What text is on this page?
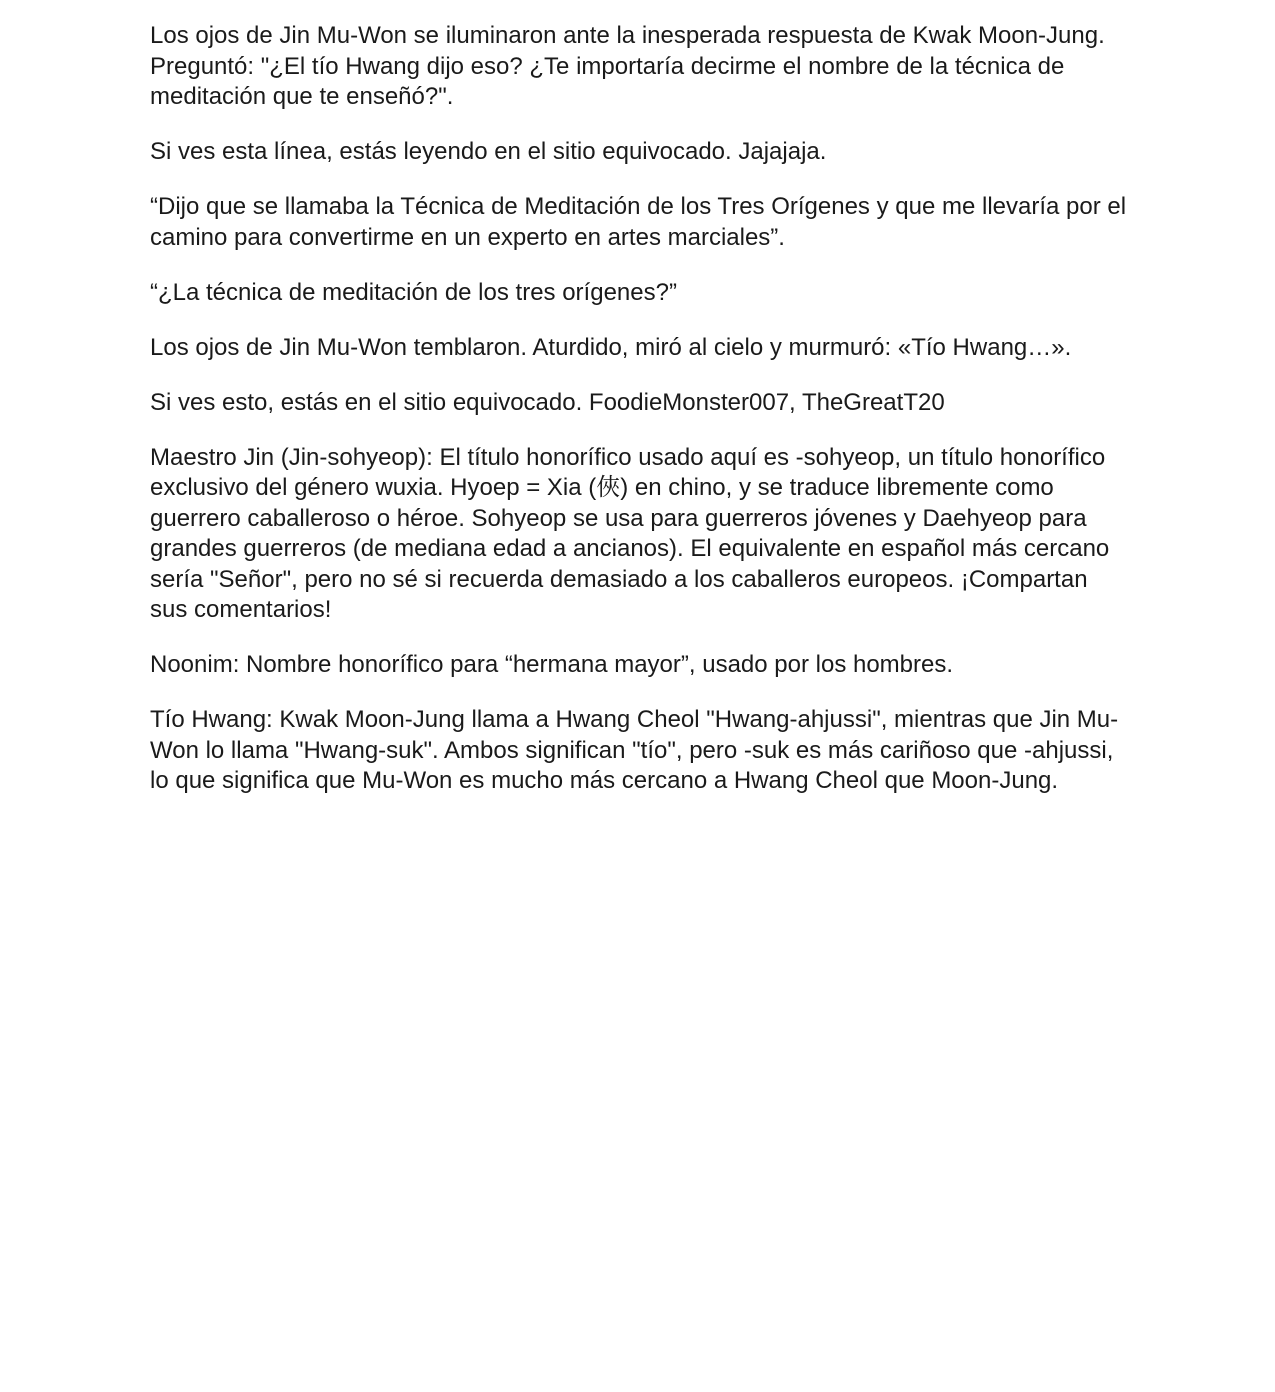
Los ojos de Jin Mu-Won se iluminaron ante la inesperada respuesta de Kwak Moon-Jung. Preguntó: "¿El tío Hwang dijo eso? ¿Te importaría decirme el nombre de la técnica de meditación que te enseñó?".

Si ves esta línea, estás leyendo en el sitio equivocado. Jajajaja.

“Dijo que se llamaba la Técnica de Meditación de los Tres Orígenes y que me llevaría por el camino para convertirme en un experto en artes marciales”.

“¿La técnica de meditación de los tres orígenes?”

Los ojos de Jin Mu-Won temblaron. Aturdido, miró al cielo y murmuró: «Tío Hwang…».

Si ves esto, estás en el sitio equivocado. FoodieMonster007, TheGreatT20

Maestro Jin (Jin-sohyeop): El título honorífico usado aquí es -sohyeop, un título honorífico exclusivo del género wuxia. Hyoep = Xia (俠) en chino, y se traduce libremente como guerrero caballeroso o héroe. Sohyeop se usa para guerreros jóvenes y Daehyeop para grandes guerreros (de mediana edad a ancianos). El equivalente en español más cercano sería "Señor", pero no sé si recuerda demasiado a los caballeros europeos. ¡Compartan sus comentarios!

Noonim: Nombre honorífico para “hermana mayor”, usado por los hombres.

Tío Hwang: Kwak Moon-Jung llama a Hwang Cheol "Hwang-ahjussi", mientras que Jin Mu-Won lo llama "Hwang-suk". Ambos significan "tío", pero -suk es más cariñoso que -ahjussi, lo que significa que Mu-Won es mucho más cercano a Hwang Cheol que Moon-Jung.
